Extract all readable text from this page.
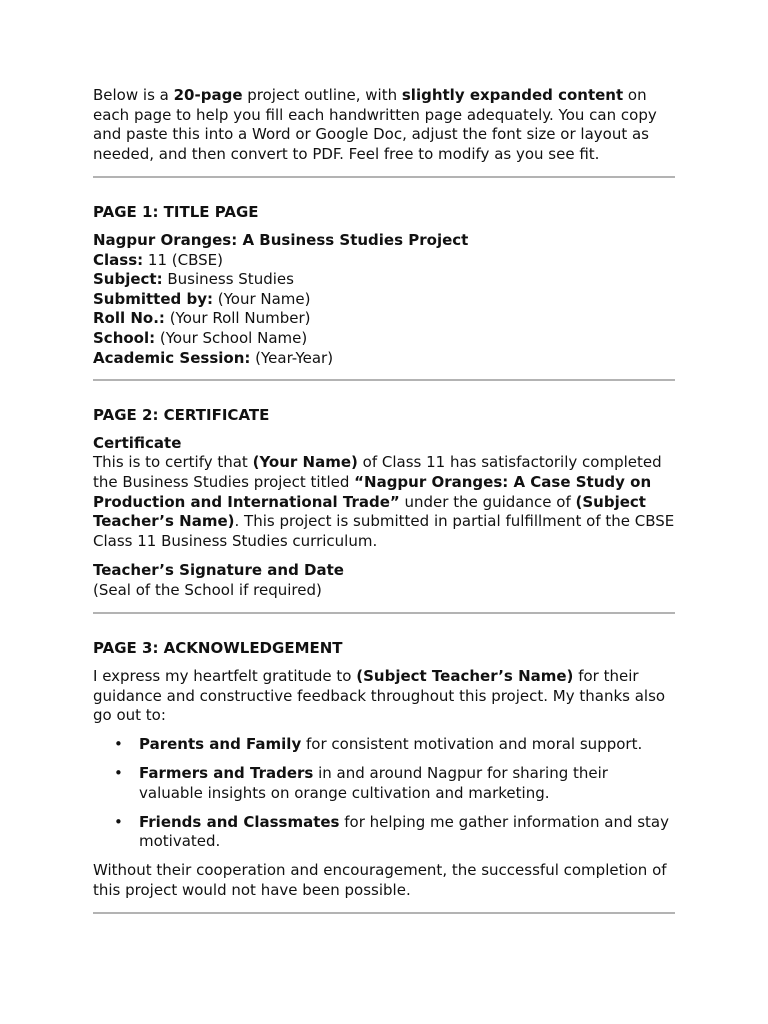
Below is a 20-page project outline, with slightly expanded content on each page to help you fill each handwritten page adequately. You can copy and paste this into a Word or Google Doc, adjust the font size or layout as needed, and then convert to PDF. Feel free to modify as you see fit.

PAGE 1: TITLE PAGE

Nagpur Oranges: A Business Studies Project

Class: 11 (CBSE)

Subject: Business Studies

Submitted by: (Your Name)

Roll No.: (Your Roll Number)

School: (Your School Name)

Academic Session: (Year-Year)

PAGE 2: CERTIFICATE

Certificate

This is to certify that (Your Name) of Class 11 has satisfactorily completed the Business Studies project titled “Nagpur Oranges: A Case Study on Production and International Trade” under the guidance of (Subject Teacher’s Name). This project is submitted in partial fulfillment of the CBSE Class 11 Business Studies curriculum.

Teacher’s Signature and Date

(Seal of the School if required)

PAGE 3: ACKNOWLEDGEMENT

I express my heartfelt gratitude to (Subject Teacher’s Name) for their guidance and constructive feedback throughout this project. My thanks also go out to:

• Parents and Family for consistent motivation and moral support.
• Farmers and Traders in and around Nagpur for sharing their valuable insights on orange cultivation and marketing.
• Friends and Classmates for helping me gather information and stay motivated.

Without their cooperation and encouragement, the successful completion of this project would not have been possible.
